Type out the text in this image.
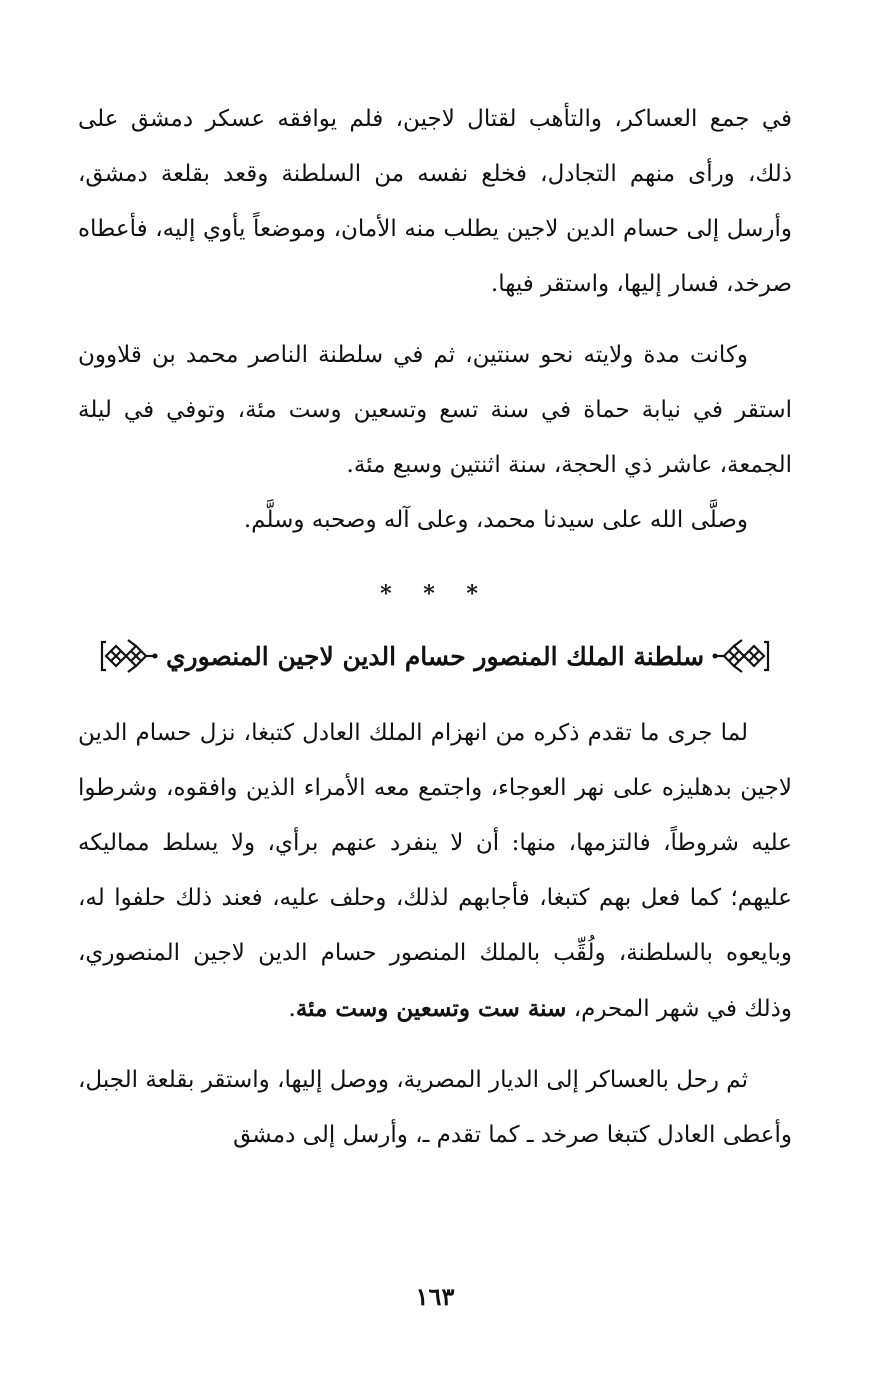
في جمع العساكر، والتأهب لقتال لاجين، فلم يوافقه عسكر دمشق على ذلك، ورأى منهم التجادل، فخلع نفسه من السلطنة وقعد بقلعة دمشق، وأرسل إلى حسام الدين لاجين يطلب منه الأمان، وموضعاً يأوي إليه، فأعطاه صرخد، فسار إليها، واستقر فيها.

وكانت مدة ولايته نحو سنتين، ثم في سلطنة الناصر محمد بن قلاوون استقر في نيابة حماة في سنة تسع وتسعين وست مئة، وتوفي في ليلة الجمعة، عاشر ذي الحجة، سنة اثنتين وسبع مئة.

وصلَّى الله على سيدنا محمد، وعلى آله وصحبه وسلَّم.

* * *
سلطنة الملك المنصور حسام الدين لاجين المنصوري

لما جرى ما تقدم ذكره من انهزام الملك العادل كتبغا، نزل حسام الدين لاجين بدهليزه على نهر العوجاء، واجتمع معه الأمراء الذين وافقوه، وشرطوا عليه شروطاً، فالتزمها، منها: أن لا ينفرد عنهم برأي، ولا يسلط مماليكه عليهم؛ كما فعل بهم كتبغا، فأجابهم لذلك، وحلف عليه، فعند ذلك حلفوا له، وبايعوه بالسلطنة، ولُقِّب بالملك المنصور حسام الدين لاجين المنصوري، وذلك في شهر المحرم، سنة ست وتسعين وست مئة.

ثم رحل بالعساكر إلى الديار المصرية، ووصل إليها، واستقر بقلعة الجبل، وأعطى العادل كتبغا صرخد ـ كما تقدم ـ، وأرسل إلى دمشق

١٦٣
